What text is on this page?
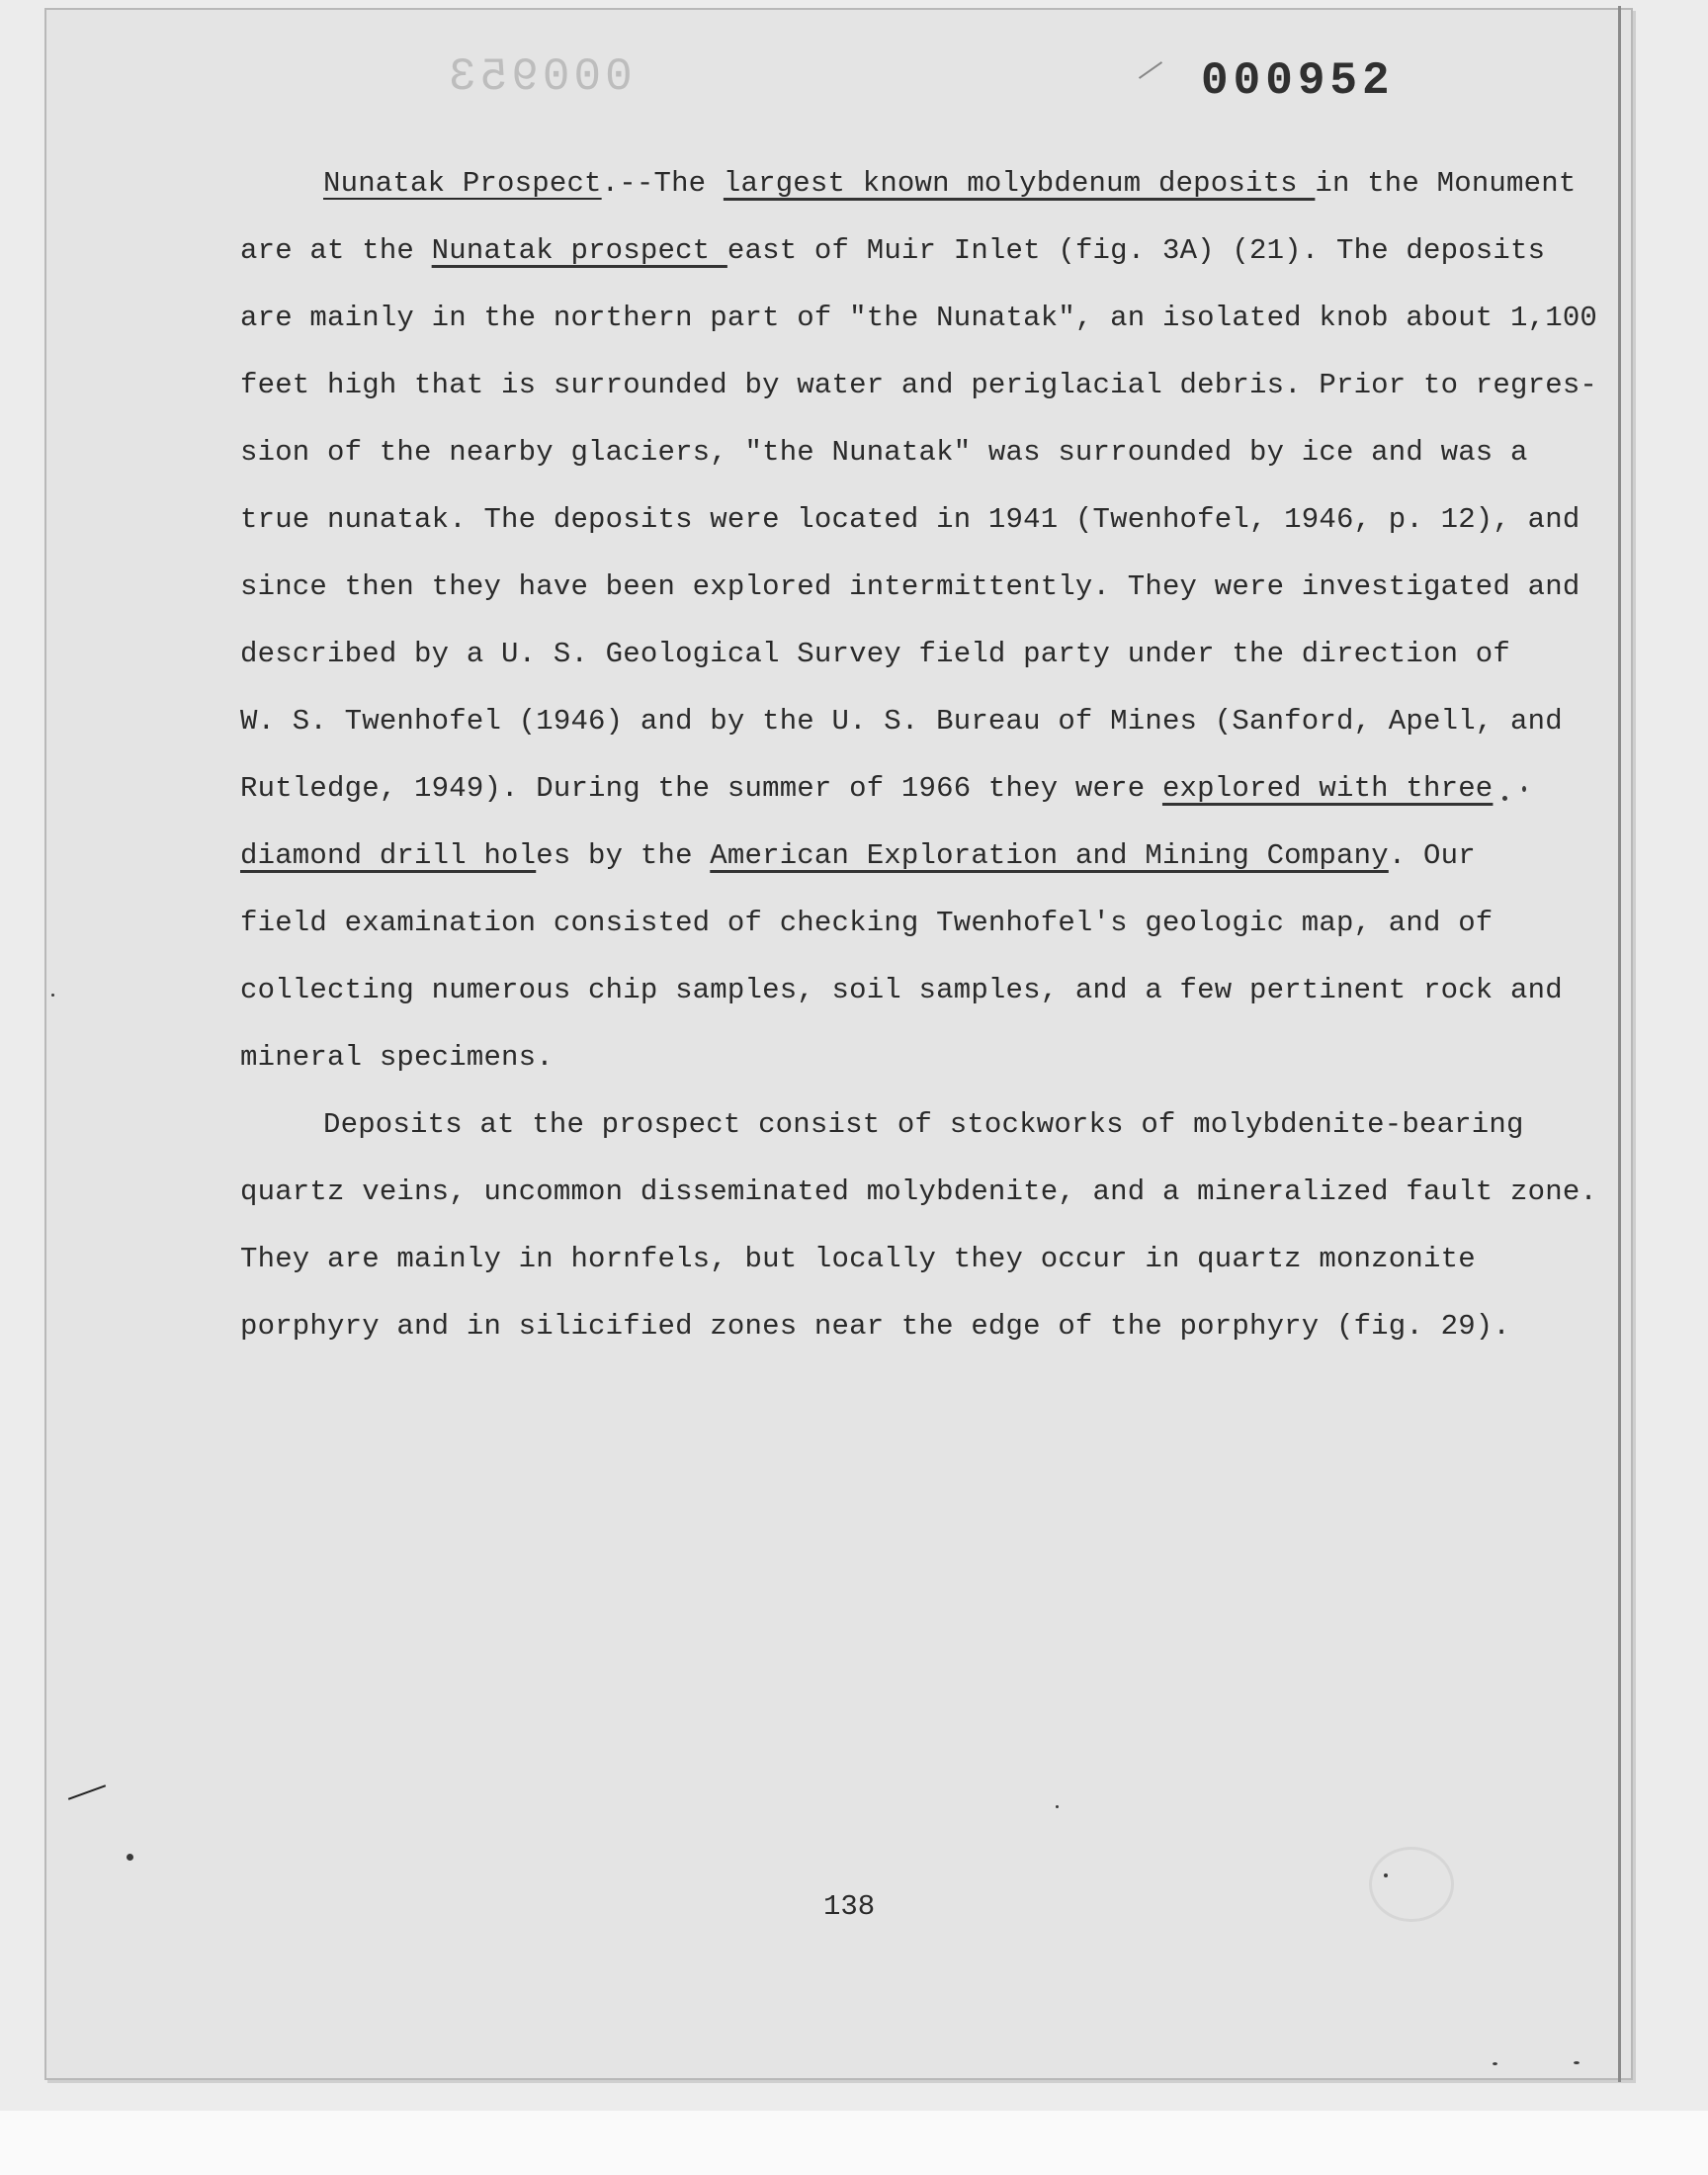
000953	000952
Nunatak Prospect.--The largest known molybdenum deposits in the Monument
are at the Nunatak prospect east of Muir Inlet (fig. 3A) (21). The deposits
are mainly in the northern part of "the Nunatak", an isolated knob about 1,100
feet high that is surrounded by water and periglacial debris. Prior to regres-
sion of the nearby glaciers, "the Nunatak" was surrounded by ice and was a
true nunatak. The deposits were located in 1941 (Twenhofel, 1946, p. 12), and
since then they have been explored intermittently. They were investigated and
described by a U. S. Geological Survey field party under the direction of
W. S. Twenhofel (1946) and by the U. S. Bureau of Mines (Sanford, Apell, and
Rutledge, 1949). During the summer of 1966 they were explored with three
diamond drill holes by the American Exploration and Mining Company. Our
field examination consisted of checking Twenhofel's geologic map, and of
collecting numerous chip samples, soil samples, and a few pertinent rock and
mineral specimens.
Deposits at the prospect consist of stockworks of molybdenite-bearing
quartz veins, uncommon disseminated molybdenite, and a mineralized fault zone.
They are mainly in hornfels, but locally they occur in quartz monzonite
porphyry and in silicified zones near the edge of the porphyry (fig. 29).
138
